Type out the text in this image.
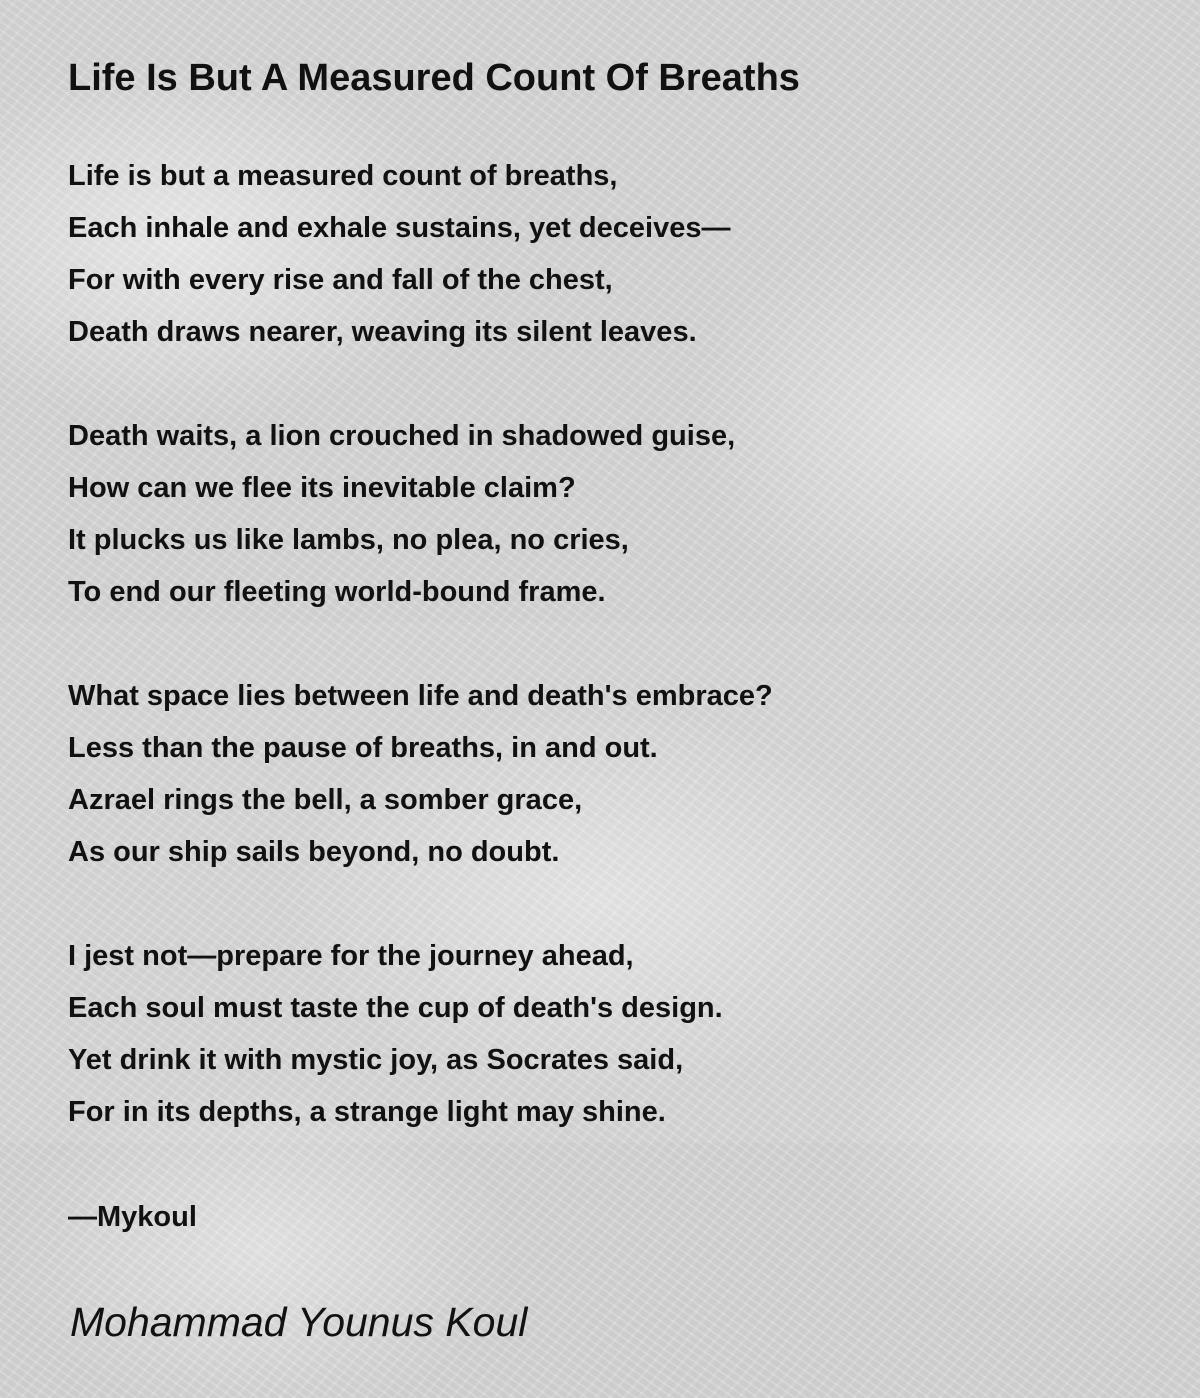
Life Is But A Measured Count Of Breaths
Life is but a measured count of breaths,
Each inhale and exhale sustains, yet deceives—
For with every rise and fall of the chest,
Death draws nearer, weaving its silent leaves.
Death waits, a lion crouched in shadowed guise,
How can we flee its inevitable claim?
It plucks us like lambs, no plea, no cries,
To end our fleeting world-bound frame.
What space lies between life and death's embrace?
Less than the pause of breaths, in and out.
Azrael rings the bell, a somber grace,
As our ship sails beyond, no doubt.
I jest not—prepare for the journey ahead,
Each soul must taste the cup of death's design.
Yet drink it with mystic joy, as Socrates said,
For in its depths, a strange light may shine.
—Mykoul
Mohammad Younus Koul
